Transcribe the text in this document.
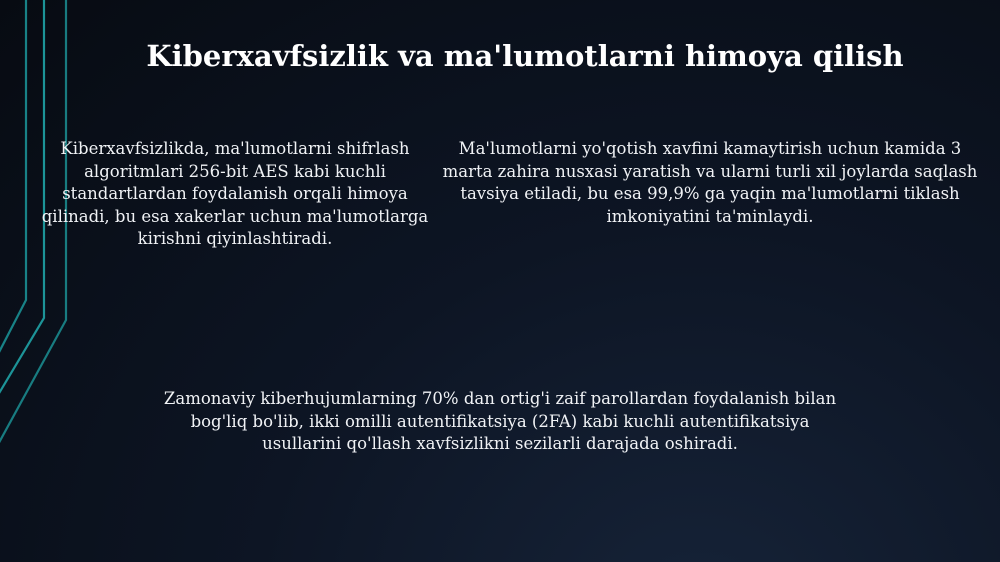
Kiberxavfsizlik va ma'lumotlarni himoya qilish

Kiberxavfsizlikda, ma'lumotlarni shifrlash algoritmlari 256-bit AES kabi kuchli standartlardan foydalanish orqali himoya qilinadi, bu esa xakerlar uchun ma'lumotlarga kirishni qiyinlashtiradi.

Ma'lumotlarni yo'qotish xavfini kamaytirish uchun kamida 3 marta zahira nusxasi yaratish va ularni turli xil joylarda saqlash tavsiya etiladi, bu esa 99,9% ga yaqin ma'lumotlarni tiklash imkoniyatini ta'minlaydi.

Zamonaviy kiberhujumlarning 70% dan ortig'i zaif parollardan foydalanish bilan bog'liq bo'lib, ikki omilli autentifikatsiya (2FA) kabi kuchli autentifikatsiya usullarini qo'llash xavfsizlikni sezilarli darajada oshiradi.
